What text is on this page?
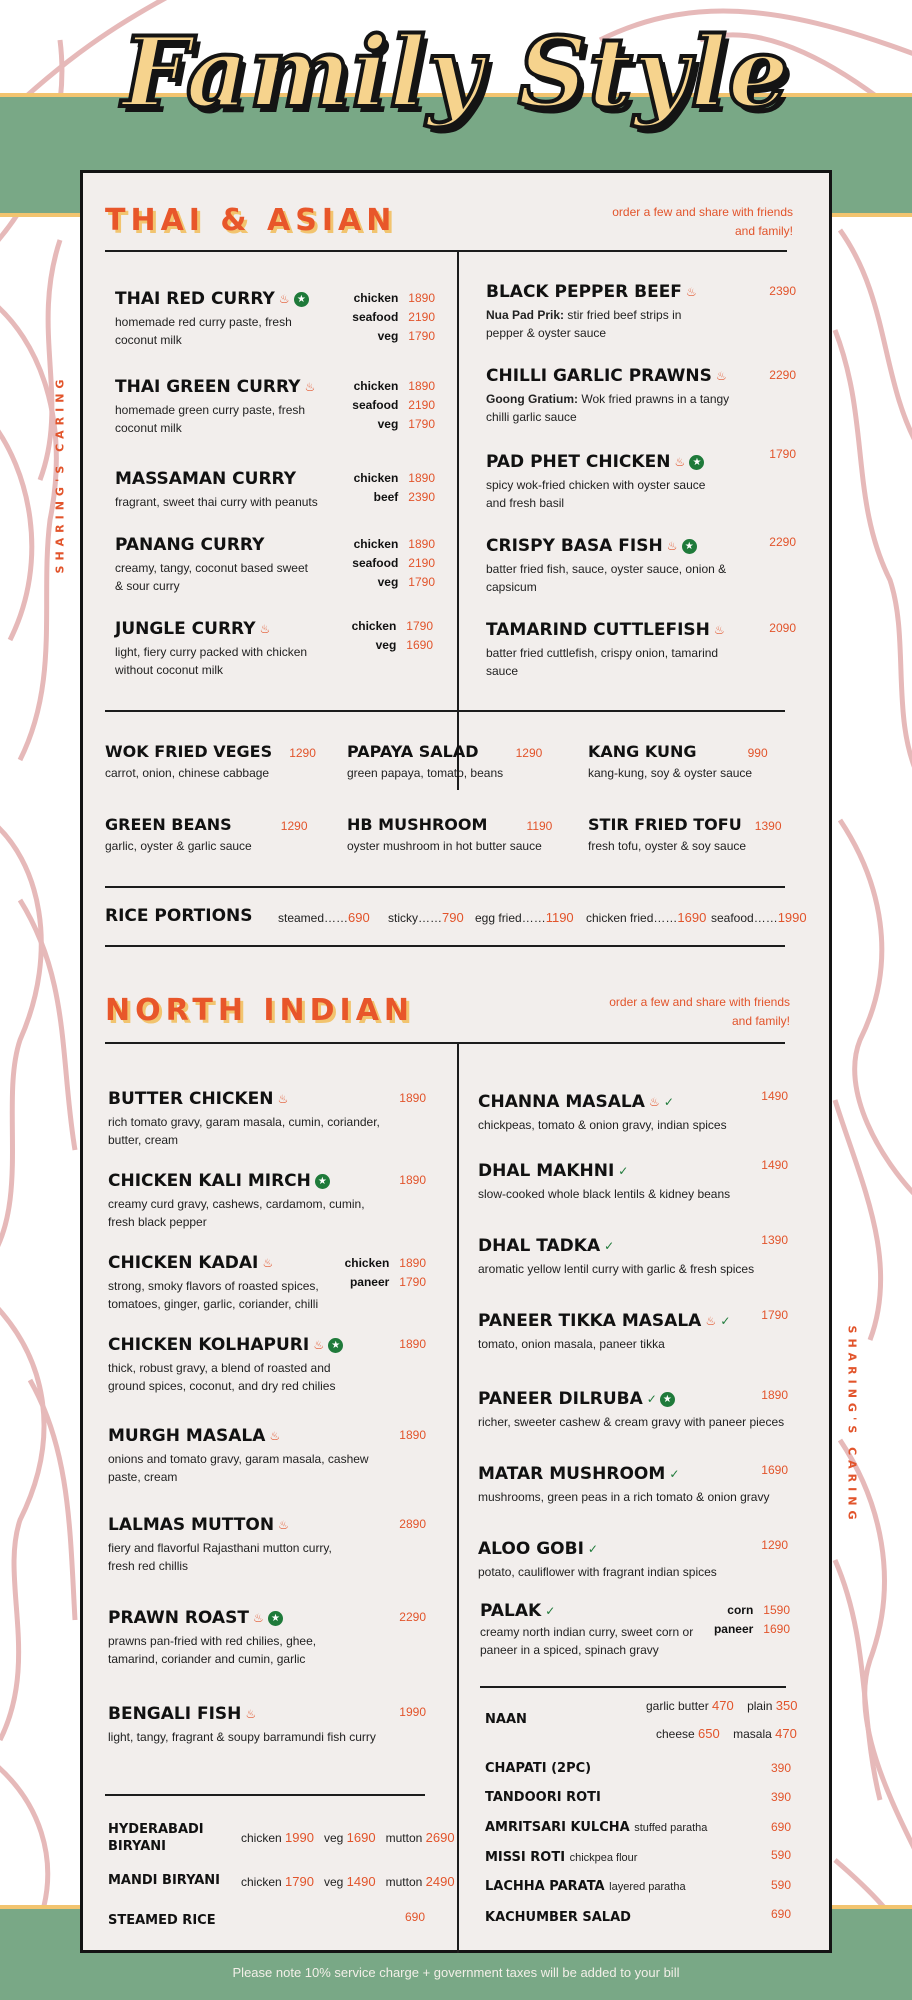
Family Style
SHARING'S CARING
SHARING'S CARING
THAI & ASIAN	order a few and share with friends
and family!
THAI RED CURRY ♨ ★
homemade red curry paste, fresh
coconut milk
chicken 1890
seafood 2190
veg 1790
THAI GREEN CURRY ♨
homemade green curry paste, fresh
coconut milk
chicken 1890
seafood 2190
veg 1790
MASSAMAN CURRY
fragrant, sweet thai curry with peanuts
chicken 1890
beef 2390
PANANG CURRY
creamy, tangy, coconut based sweet
& sour curry
chicken 1890
seafood 2190
veg 1790
JUNGLE CURRY ♨
light, fiery curry packed with chicken
without coconut milk
chicken 1790
veg 1690
BLACK PEPPER BEEF ♨
Nua Pad Prik: stir fried beef strips in
pepper & oyster sauce
2390
CHILLI GARLIC PRAWNS ♨
Goong Gratium: Wok fried prawns in a tangy
chilli garlic sauce
2290
PAD PHET CHICKEN ♨ ★
spicy wok-fried chicken with oyster sauce
and fresh basil
1790
CRISPY BASA FISH ♨ ★
batter fried fish, sauce, oyster sauce, onion &
capsicum
2290
TAMARIND CUTTLEFISH ♨
batter fried cuttlefish, crispy onion, tamarind
sauce
2090
WOK FRIED VEGES 1290
carrot, onion, chinese cabbage
PAPAYA SALAD	1290
green papaya, tomato, beans
KANG KUNG	990
kang-kung, soy & oyster sauce
GREEN BEANS	1290
garlic, oyster & garlic sauce
HB MUSHROOM	1190
oyster mushroom in hot butter sauce
STIR FRIED TOFU 1390
fresh tofu, oyster & soy sauce
RICE PORTIONS steamed……690 sticky……790 egg fried……1190 chicken fried……1690 seafood……1990
NORTH INDIAN	order a few and share with friends
and family!
BUTTER CHICKEN ♨
rich tomato gravy, garam masala, cumin, coriander,
butter, cream
1890
CHICKEN KALI MIRCH ★
creamy curd gravy, cashews, cardamom, cumin,
fresh black pepper
1890
CHICKEN KADAI ♨
strong, smoky flavors of roasted spices,
tomatoes, ginger, garlic, coriander, chilli
chicken 1890
paneer 1790
CHICKEN KOLHAPURI ♨ ★
thick, robust gravy, a blend of roasted and
ground spices, coconut, and dry red chilies
1890
MURGH MASALA ♨
onions and tomato gravy, garam masala, cashew
paste, cream
1890
LALMAS MUTTON ♨
fiery and flavorful Rajasthani mutton curry,
fresh red chillis
2890
PRAWN ROAST ♨ ★
prawns pan-fried with red chilies, ghee,
tamarind, coriander and cumin, garlic
2290
BENGALI FISH ♨
light, tangy, fragrant & soupy barramundi fish curry
1990
HYDERABADI
BIRYANI
chicken 1990 veg 1690 mutton 2690
MANDI BIRYANI chicken 1790 veg 1490 mutton 2490
STEAMED RICE	690
CHANNA MASALA ♨ ✓
chickpeas, tomato & onion gravy, indian spices
1490
DHAL MAKHNI ✓
slow-cooked whole black lentils & kidney beans
1490
DHAL TADKA ✓
aromatic yellow lentil curry with garlic & fresh spices
1390
PANEER TIKKA MASALA ♨ ✓
tomato, onion masala, paneer tikka
1790
PANEER DILRUBA ✓ ★
richer, sweeter cashew & cream gravy with paneer pieces
1890
MATAR MUSHROOM ✓
mushrooms, green peas in a rich tomato & onion gravy
1690
ALOO GOBI ✓
potato, cauliflower with fragrant indian spices
1290
PALAK ✓
creamy north indian curry, sweet corn or
paneer in a spiced, spinach gravy
corn 1590
paneer 1690
NAAN
garlic butter 470 plain 350
cheese 650 masala 470
CHAPATI (2PC)	390
TANDOORI ROTI	390
AMRITSARI KULCHA stuffed paratha	690
MISSI ROTI chickpea flour	590
LACHHA PARATA layered paratha	590
KACHUMBER SALAD	690
Please note 10% service charge + government taxes will be added to your bill
